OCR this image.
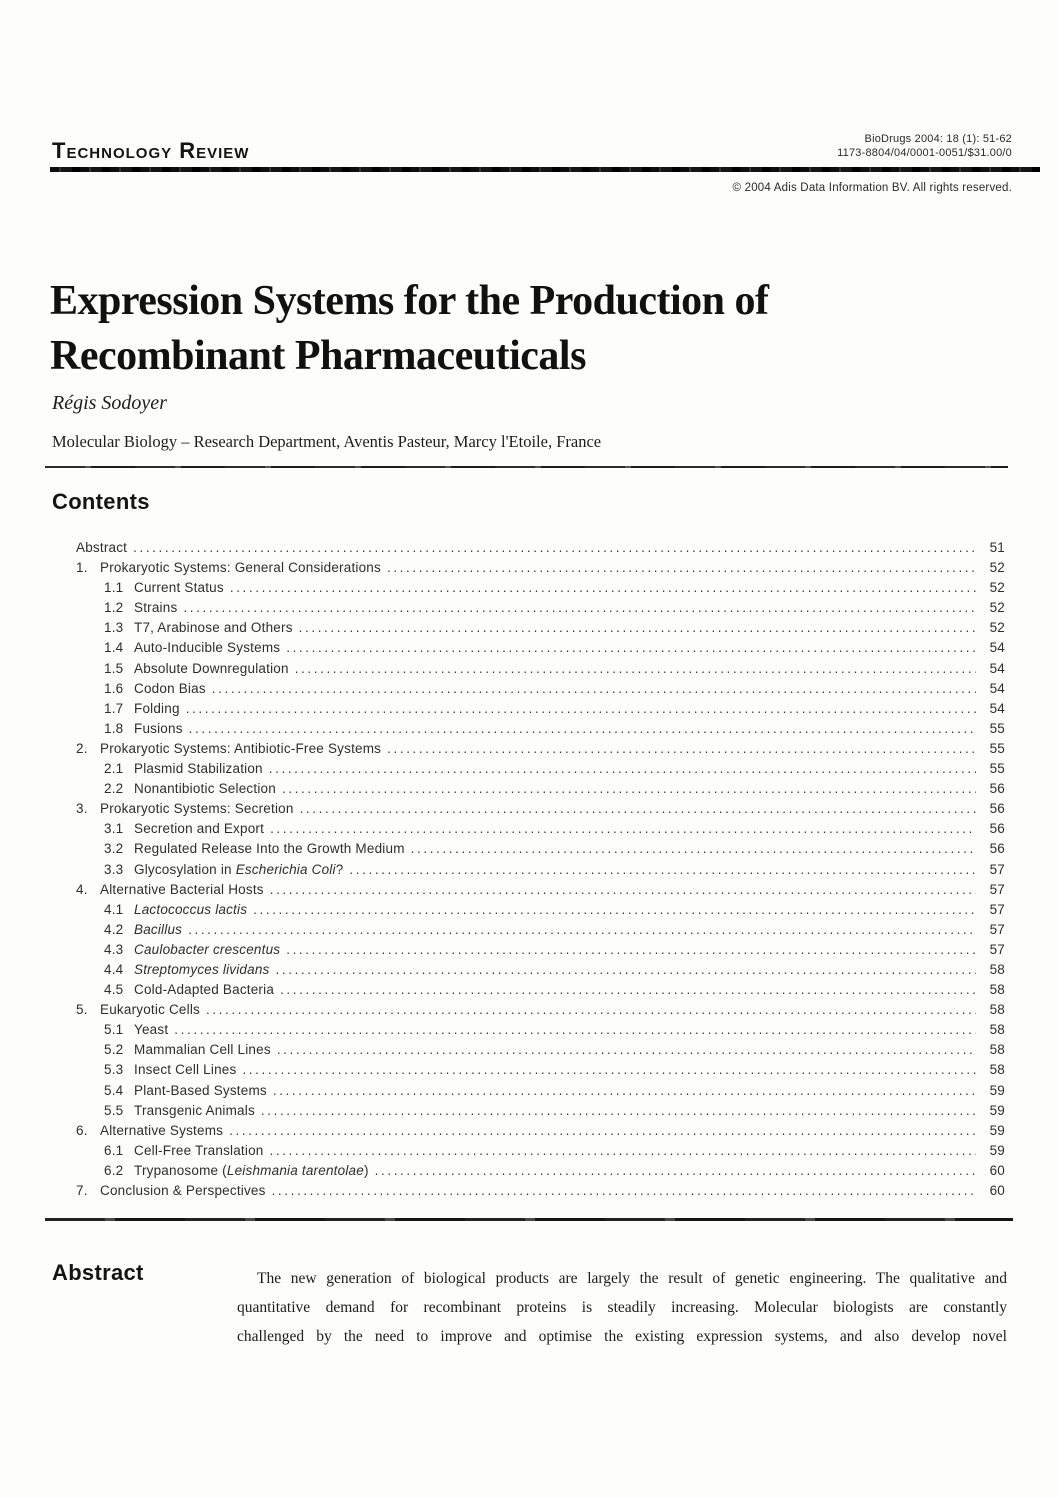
Technology Review	BioDrugs 2004: 18 (1): 51-62
1173-8804/04/0001-0051/$31.00/0
© 2004 Adis Data Information BV. All rights reserved.
Expression Systems for the Production of
Recombinant Pharmaceuticals
Régis Sodoyer
Molecular Biology – Research Department, Aventis Pasteur, Marcy l'Etoile, France
Contents
Abstract .....	51
1. Prokaryotic Systems: General Considerations .....	52
1.1 Current Status .....	52
1.2 Strains .....	52
1.3 T7, Arabinose and Others .....	52
1.4 Auto-Inducible Systems .....	54
1.5 Absolute Downregulation .....	54
1.6 Codon Bias .....	54
1.7 Folding .....	54
1.8 Fusions .....	55
2. Prokaryotic Systems: Antibiotic-Free Systems .....	55
2.1 Plasmid Stabilization .....	55
2.2 Nonantibiotic Selection .....	56
3. Prokaryotic Systems: Secretion .....	56
3.1 Secretion and Export .....	56
3.2 Regulated Release Into the Growth Medium .....	56
3.3 Glycosylation in Escherichia Coli? .....	57
4. Alternative Bacterial Hosts .....	57
4.1 Lactococcus lactis .....	57
4.2 Bacillus .....	57
4.3 Caulobacter crescentus .....	57
4.4 Streptomyces lividans .....	58
4.5 Cold-Adapted Bacteria .....	58
5. Eukaryotic Cells .....	58
5.1 Yeast .....	58
5.2 Mammalian Cell Lines .....	58
5.3 Insect Cell Lines .....	58
5.4 Plant-Based Systems .....	59
5.5 Transgenic Animals .....	59
6. Alternative Systems .....	59
6.1 Cell-Free Translation .....	59
6.2 Trypanosome (Leishmania tarentolae) .....	60
7. Conclusion & Perspectives .....	60
Abstract	The new generation of biological products are largely the result of genetic engineering. The qualitative and
quantitative demand for recombinant proteins is steadily increasing. Molecular biologists are constantly
challenged by the need to improve and optimise the existing expression systems, and also develop novel
